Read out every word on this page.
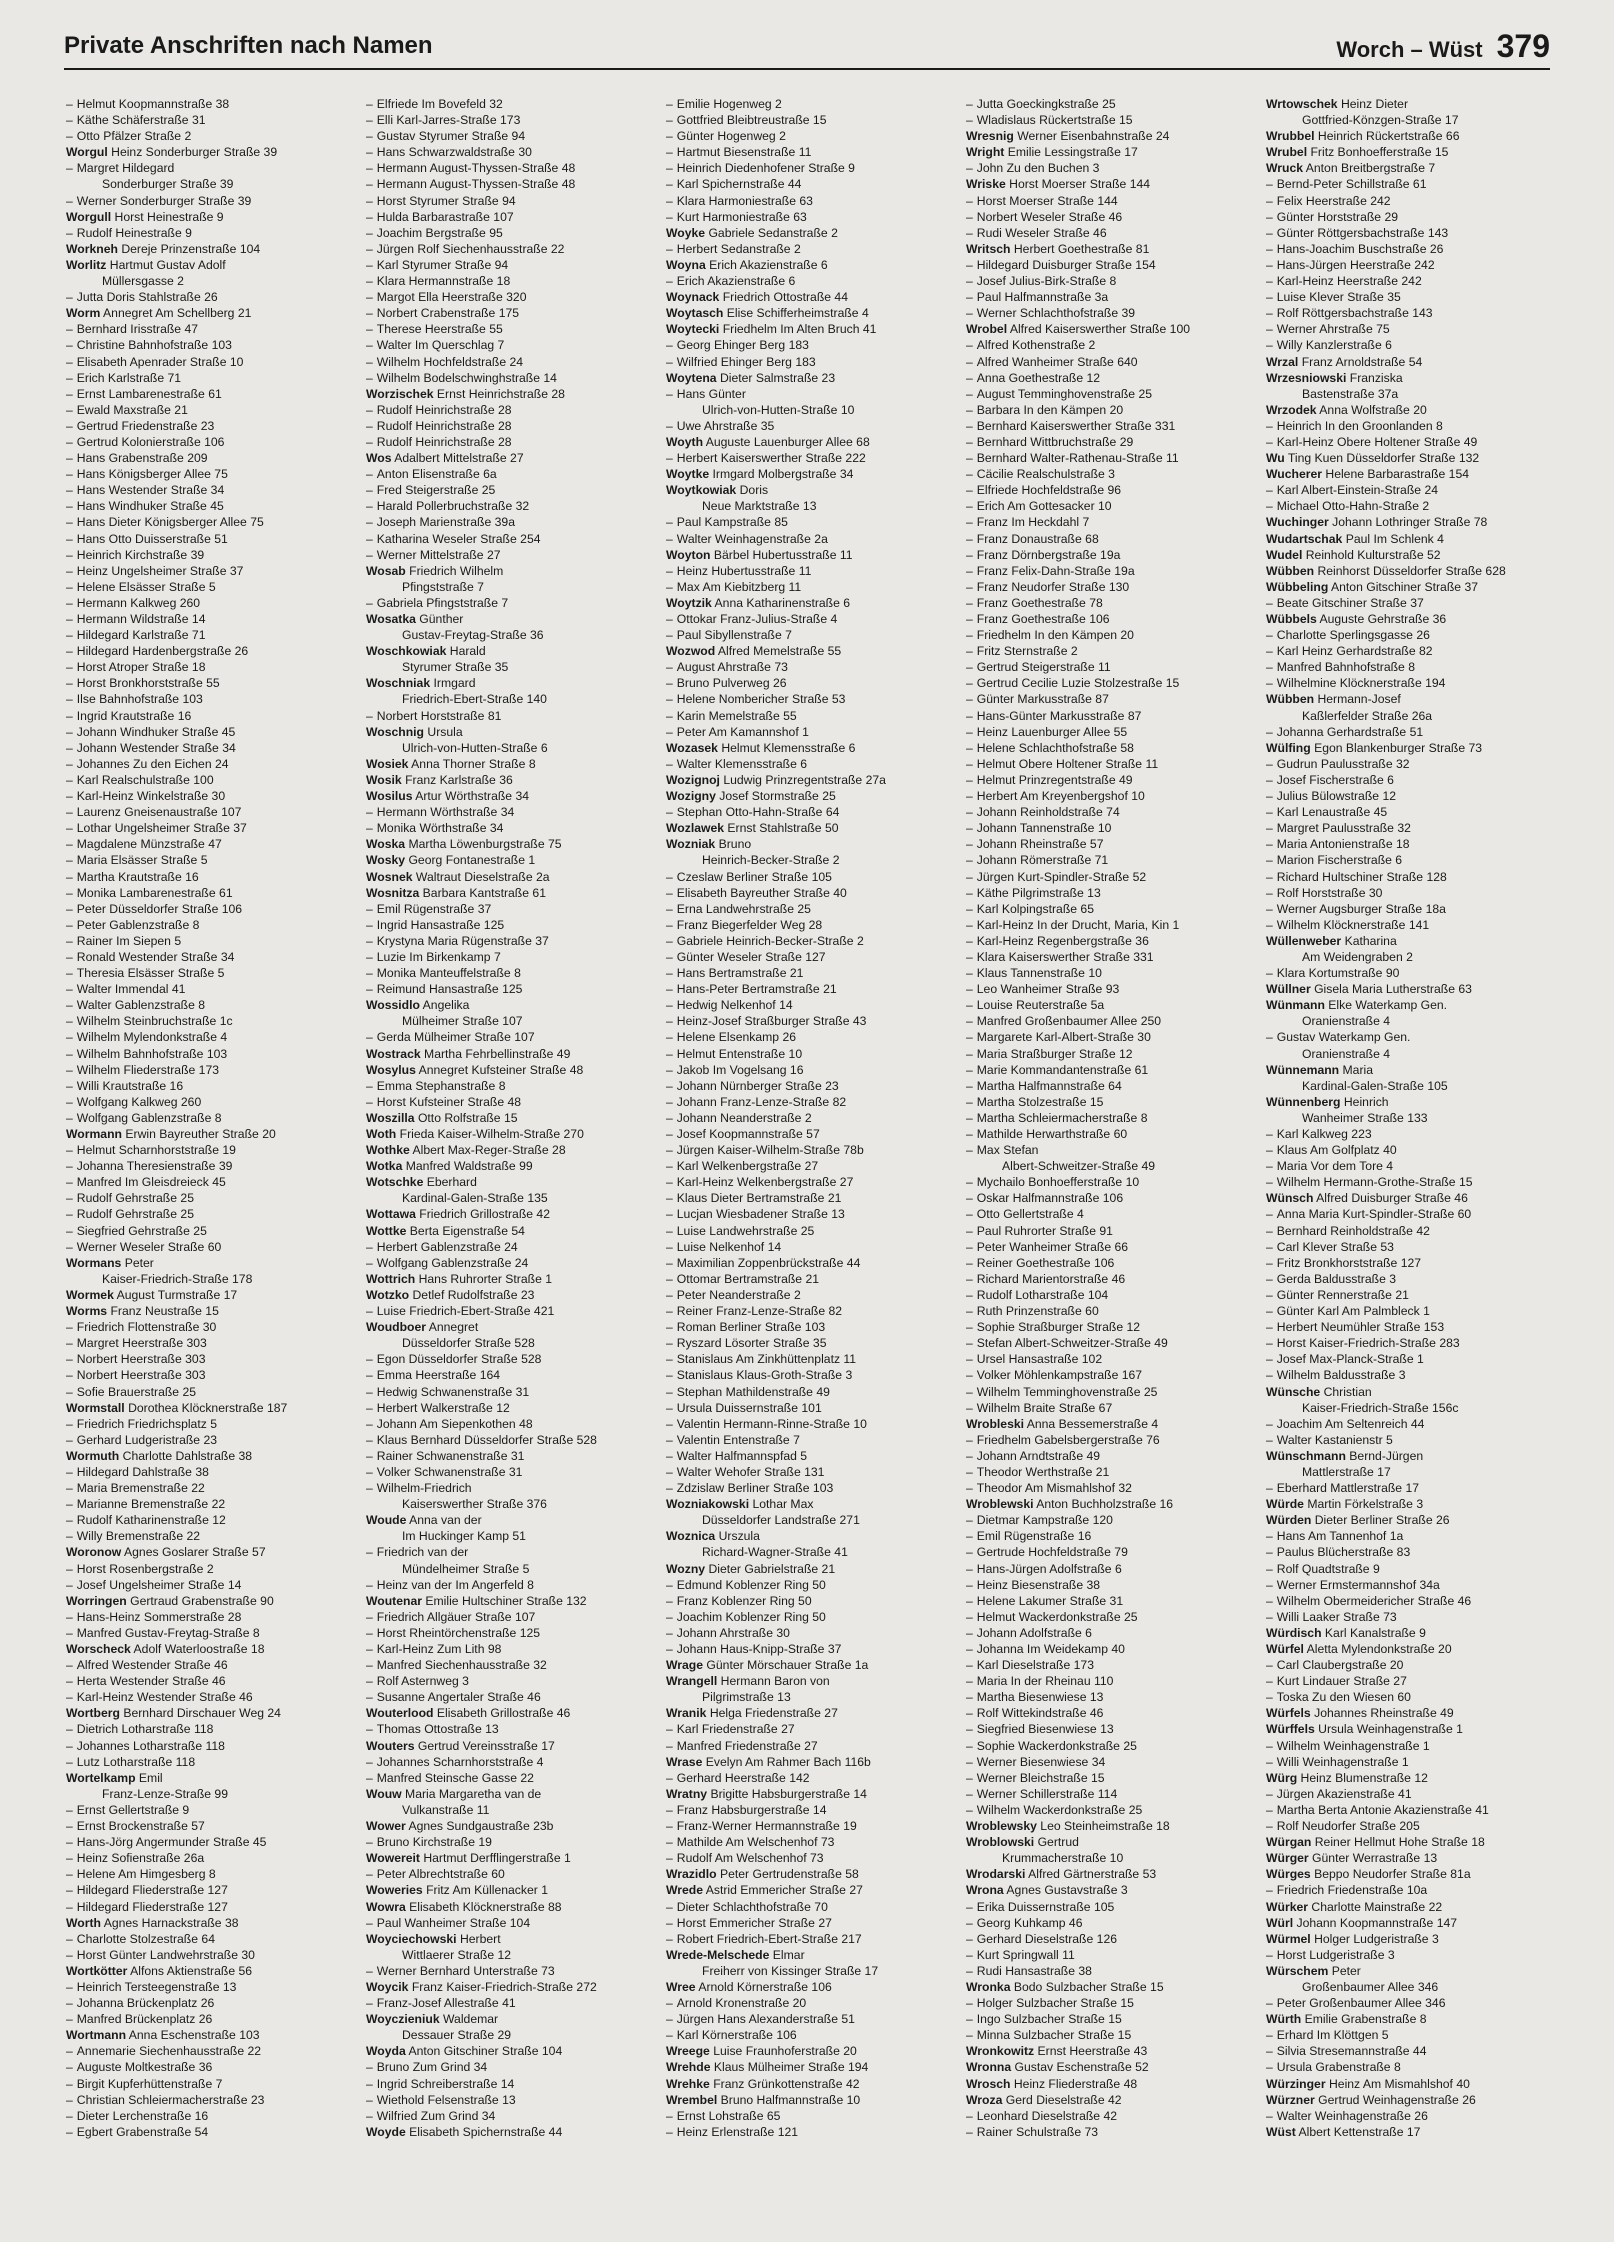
Private Anschriften nach Namen	Worch – Wüst 379
– Helmut Koopmannstraße 38
– Käthe Schäferstraße 31
– Otto Pfälzer Straße 2
Worgul Heinz Sonderburger Straße 39
– Margret Hildegard
Sonderburger Straße 39
– Werner Sonderburger Straße 39
Worgull Horst Heinestraße 9
– Rudolf Heinestraße 9
Workneh Dereje Prinzenstraße 104
Worlitz Hartmut Gustav Adolf
Müllersgasse 2
– Jutta Doris Stahlstraße 26
Worm Annegret Am Schellberg 21
– Bernhard Irisstraße 47
– Christine Bahnhofstraße 103
– Elisabeth Apenrader Straße 10
– Erich Karlstraße 71
– Ernst Lambarenestraße 61
– Ewald Maxstraße 21
– Gertrud Friedenstraße 23
– Gertrud Kolonierstraße 106
– Hans Grabenstraße 209
– Hans Königsberger Allee 75
– Hans Westender Straße 34
– Hans Windhuker Straße 45
– Hans Dieter Königsberger Allee 75
– Hans Otto Duisserstraße 51
– Heinrich Kirchstraße 39
– Heinz Ungelsheimer Straße 37
– Helene Elsässer Straße 5
– Hermann Kalkweg 260
– Hermann Wildstraße 14
– Hildegard Karlstraße 71
– Hildegard Hardenbergstraße 26
– Horst Atroper Straße 18
– Horst Bronkhorststraße 55
– Ilse Bahnhofstraße 103
– Ingrid Krautstraße 16
– Johann Windhuker Straße 45
– Johann Westender Straße 34
– Johannes Zu den Eichen 24
– Karl Realschulstraße 100
– Karl-Heinz Winkelstraße 30
– Laurenz Gneisenaustraße 107
– Lothar Ungelsheimer Straße 37
– Magdalene Münzstraße 47
– Maria Elsässer Straße 5
– Martha Krautstraße 16
– Monika Lambarenestraße 61
– Peter Düsseldorfer Straße 106
– Peter Gablenzstraße 8
– Rainer Im Siepen 5
– Ronald Westender Straße 34
– Theresia Elsässer Straße 5
– Walter Immendal 41
– Walter Gablenzstraße 8
– Wilhelm Steinbruchstraße 1c
– Wilhelm Mylendonkstraße 4
– Wilhelm Bahnhofstraße 103
– Wilhelm Fliederstraße 173
– Willi Krautstraße 16
– Wolfgang Kalkweg 260
– Wolfgang Gablenzstraße 8
Wormann Erwin Bayreuther Straße 20
– Helmut Scharnhorststraße 19
– Johanna Theresienstraße 39
– Manfred Im Gleisdreieck 45
– Rudolf Gehrstraße 25
– Rudolf Gehrstraße 25
– Siegfried Gehrstraße 25
– Werner Weseler Straße 60
Wormans Peter
Kaiser-Friedrich-Straße 178
Wormek August Turmstraße 17
Worms Franz Neustraße 15
– Friedrich Flottenstraße 30
– Margret Heerstraße 303
– Norbert Heerstraße 303
– Norbert Heerstraße 303
– Sofie Brauerstraße 25
Wormstall Dorothea Klöcknerstraße 187
– Friedrich Friedrichsplatz 5
– Gerhard Ludgeristraße 23
Wormuth Charlotte Dahlstraße 38
– Hildegard Dahlstraße 38
– Maria Bremenstraße 22
– Marianne Bremenstraße 22
– Rudolf Katharinenstraße 12
– Willy Bremenstraße 22
Woronow Agnes Goslarer Straße 57
– Horst Rosenbergstraße 2
– Josef Ungelsheimer Straße 14
Worringen Gertraud Grabenstraße 90
– Hans-Heinz Sommerstraße 28
– Manfred Gustav-Freytag-Straße 8
Worscheck Adolf Waterloostraße 18
– Alfred Westender Straße 46
– Herta Westender Straße 46
– Karl-Heinz Westender Straße 46
Wortberg Bernhard Dirschauer Weg 24
– Dietrich Lotharstraße 118
– Johannes Lotharstraße 118
– Lutz Lotharstraße 118
Wortelkamp Emil
Franz-Lenze-Straße 99
– Ernst Gellertstraße 9
– Ernst Brockenstraße 57
– Hans-Jörg Angermunder Straße 45
– Heinz Sofienstraße 26a
– Helene Am Himgesberg 8
– Hildegard Fliederstraße 127
– Hildegard Fliederstraße 127
Worth Agnes Harnackstraße 38
– Charlotte Stolzestraße 64
– Horst Günter Landwehrstraße 30
Wortkötter Alfons Aktienstraße 56
– Heinrich Tersteegenstraße 13
– Johanna Brückenplatz 26
– Manfred Brückenplatz 26
Wortmann Anna Eschenstraße 103
– Annemarie Siechenhausstraße 22
– Auguste Moltkestraße 36
– Birgit Kupferhüttenstraße 7
– Christian Schleiermacherstraße 23
– Dieter Lerchenstraße 16
– Egbert Grabenstraße 54
– Elfriede Im Bovefeld 32
– Elli Karl-Jarres-Straße 173
– Gustav Styrumer Straße 94
– Hans Schwarzwaldstraße 30
– Hermann August-Thyssen-Straße 48
– Hermann August-Thyssen-Straße 48
– Horst Styrumer Straße 94
– Hulda Barbarastraße 107
– Joachim Bergstraße 95
– Jürgen Rolf Siechenhausstraße 22
– Karl Styrumer Straße 94
– Klara Hermannstraße 18
– Margot Ella Heerstraße 320
– Norbert Crabenstraße 175
– Therese Heerstraße 55
– Walter Im Querschlag 7
– Wilhelm Hochfeldstraße 24
– Wilhelm Bodelschwinghstraße 14
Worzischek Ernst Heinrichstraße 28
– Rudolf Heinrichstraße 28
– Rudolf Heinrichstraße 28
– Rudolf Heinrichstraße 28
Wos Adalbert Mittelstraße 27
– Anton Elisenstraße 6a
– Fred Steigerstraße 25
– Harald Pollerbruchstraße 32
– Joseph Marienstraße 39a
– Katharina Weseler Straße 254
– Werner Mittelstraße 27
Wosab Friedrich Wilhelm
Pfingststraße 7
– Gabriela Pfingststraße 7
Wosatka Günther
Gustav-Freytag-Straße 36
Woschkowiak Harald
Styrumer Straße 35
Woschniak Irmgard
Friedrich-Ebert-Straße 140
– Norbert Horststraße 81
Woschnig Ursula
Ulrich-von-Hutten-Straße 6
Wosiek Anna Thorner Straße 8
Wosik Franz Karlstraße 36
Wosilus Artur Wörthstraße 34
– Hermann Wörthstraße 34
– Monika Wörthstraße 34
Woska Martha Löwenburgstraße 75
Wosky Georg Fontanestraße 1
Wosnek Waltraut Dieselstraße 2a
Wosnitza Barbara Kantstraße 61
– Emil Rügenstraße 37
– Ingrid Hansastraße 125
– Krystyna Maria Rügenstraße 37
– Luzie Im Birkenkamp 7
– Monika Manteuffelstraße 8
– Reimund Hansastraße 125
Wossidlo Angelika
Mülheimer Straße 107
– Gerda Mülheimer Straße 107
Wostrack Martha Fehrbellinstraße 49
Wosylus Annegret Kufsteiner Straße 48
– Emma Stephanstraße 8
– Horst Kufsteiner Straße 48
Woszilla Otto Rolfstraße 15
Woth Frieda Kaiser-Wilhelm-Straße 270
Wothke Albert Max-Reger-Straße 28
Wotka Manfred Waldstraße 99
Wotschke Eberhard
Kardinal-Galen-Straße 135
Wottawa Friedrich Grillostraße 42
Wottke Berta Eigenstraße 54
– Herbert Gablenzstraße 24
– Wolfgang Gablenzstraße 24
Wottrich Hans Ruhrorter Straße 1
Wotzko Detlef Rudolfstraße 23
– Luise Friedrich-Ebert-Straße 421
Woudboer Annegret
Düsseldorfer Straße 528
– Egon Düsseldorfer Straße 528
– Emma Heerstraße 164
– Hedwig Schwanenstraße 31
– Herbert Walkerstraße 12
– Johann Am Siepenkothen 48
– Klaus Bernhard Düsseldorfer Straße 528
– Rainer Schwanenstraße 31
– Volker Schwanenstraße 31
– Wilhelm-Friedrich
Kaiserswerther Straße 376
Woude Anna van der
Im Huckinger Kamp 51
– Friedrich van der
Mündelheimer Straße 5
– Heinz van der Im Angerfeld 8
Woutenar Emilie Hultschiner Straße 132
– Friedrich Allgäuer Straße 107
– Horst Rheintörchenstraße 125
– Karl-Heinz Zum Lith 98
– Manfred Siechenhausstraße 32
– Rolf Asternweg 3
– Susanne Angertaler Straße 46
Wouterlood Elisabeth Grillostraße 46
– Thomas Ottostraße 13
Wouters Gertrud Vereinsstraße 17
– Johannes Scharnhorststraße 4
– Manfred Steinsche Gasse 22
Wouw Maria Margaretha van de
Vulkanstraße 11
Wower Agnes Sundgaustraße 23b
– Bruno Kirchstraße 19
Wowereit Hartmut Derfflingerstraße 1
– Peter Albrechtstraße 60
Woweries Fritz Am Küllenacker 1
Wowra Elisabeth Klöcknerstraße 88
– Paul Wanheimer Straße 104
Woyciechowski Herbert
Wittlaerer Straße 12
– Werner Bernhard Unterstraße 73
Woycik Franz Kaiser-Friedrich-Straße 272
– Franz-Josef Allestraße 41
Woyczieniuk Waldemar
Dessauer Straße 29
Woyda Anton Gitschiner Straße 104
– Bruno Zum Grind 34
– Ingrid Schreiberstraße 14
– Wiethold Felsenstraße 13
– Wilfried Zum Grind 34
Woyde Elisabeth Spichernstraße 44
– Emilie Hogenweg 2
– Gottfried Bleibtreustraße 15
– Günter Hogenweg 2
– Hartmut Biesenstraße 11
– Heinrich Diedenhofener Straße 9
– Karl Spichernstraße 44
– Klara Harmoniestraße 63
– Kurt Harmoniestraße 63
Woyke Gabriele Sedanstraße 2
– Herbert Sedanstraße 2
Woyna Erich Akazienstraße 6
– Erich Akazienstraße 6
Woynack Friedrich Ottostraße 44
Woytasch Elise Schifferheimstraße 4
Woytecki Friedhelm Im Alten Bruch 41
– Georg Ehinger Berg 183
– Wilfried Ehinger Berg 183
Woytena Dieter Salmstraße 23
– Hans Günter
Ulrich-von-Hutten-Straße 10
– Uwe Ahrstraße 35
Woyth Auguste Lauenburger Allee 68
– Herbert Kaiserswerther Straße 222
Woytke Irmgard Molbergstraße 34
Woytkowiak Doris
Neue Marktstraße 13
– Paul Kampstraße 85
– Walter Weinhagenstraße 2a
Woyton Bärbel Hubertusstraße 11
– Heinz Hubertusstraße 11
– Max Am Kiebitzberg 11
Woytzik Anna Katharinenstraße 6
– Ottokar Franz-Julius-Straße 4
– Paul Sibyllenstraße 7
Wozwod Alfred Memelstraße 55
– August Ahrstraße 73
– Bruno Pulverweg 26
– Helene Nombericher Straße 53
– Karin Memelstraße 55
– Peter Am Kamannshof 1
Wozasek Helmut Klemensstraße 6
– Walter Klemensstraße 6
Wozignoj Ludwig Prinzregentstraße 27a
Wozigny Josef Stormstraße 25
– Stephan Otto-Hahn-Straße 64
Wozlawek Ernst Stahlstraße 50
Wozniak Bruno
Heinrich-Becker-Straße 2
– Czeslaw Berliner Straße 105
– Elisabeth Bayreuther Straße 40
– Erna Landwehrstraße 25
– Franz Biegerfelder Weg 28
– Gabriele Heinrich-Becker-Straße 2
– Günter Weseler Straße 127
– Hans Bertramstraße 21
– Hans-Peter Bertramstraße 21
– Hedwig Nelkenhof 14
– Heinz-Josef Straßburger Straße 43
– Helene Elsenkamp 26
– Helmut Entenstraße 10
– Jakob Im Vogelsang 16
– Johann Nürnberger Straße 23
– Johann Franz-Lenze-Straße 82
– Johann Neanderstraße 2
– Josef Koopmannstraße 57
– Jürgen Kaiser-Wilhelm-Straße 78b
– Karl Welkenbergstraße 27
– Karl-Heinz Welkenbergstraße 27
– Klaus Dieter Bertramstraße 21
– Lucjan Wiesbadener Straße 13
– Luise Landwehrstraße 25
– Luise Nelkenhof 14
– Maximilian Zoppenbrückstraße 44
– Ottomar Bertramstraße 21
– Peter Neanderstraße 2
– Reiner Franz-Lenze-Straße 82
– Roman Berliner Straße 103
– Ryszard Lösorter Straße 35
– Stanislaus Am Zinkhüttenplatz 11
– Stanislaus Klaus-Groth-Straße 3
– Stephan Mathildenstraße 49
– Ursula Duissernstraße 101
– Valentin Hermann-Rinne-Straße 10
– Valentin Entenstraße 7
– Walter Halfmannspfad 5
– Walter Wehofer Straße 131
– Zdzislaw Berliner Straße 103
Wozniakowski Lothar Max
Düsseldorfer Landstraße 271
Woznica Urszula
Richard-Wagner-Straße 41
Wozny Dieter Gabrielstraße 21
– Edmund Koblenzer Ring 50
– Franz Koblenzer Ring 50
– Joachim Koblenzer Ring 50
– Johann Ahrstraße 30
– Johann Haus-Knipp-Straße 37
Wrage Günter Mörschauer Straße 1a
Wrangell Hermann Baron von
Pilgrimstraße 13
Wranik Helga Friedenstraße 27
– Karl Friedenstraße 27
– Manfred Friedenstraße 27
Wrase Evelyn Am Rahmer Bach 116b
– Gerhard Heerstraße 142
Wratny Brigitte Habsburgerstraße 14
– Franz Habsburgerstraße 14
– Franz-Werner Hermannstraße 19
– Mathilde Am Welschenhof 73
– Rudolf Am Welschenhof 73
Wrazidlo Peter Gertrudenstraße 58
Wrede Astrid Emmericher Straße 27
– Dieter Schlachthofstraße 70
– Horst Emmericher Straße 27
– Robert Friedrich-Ebert-Straße 217
Wrede-Melschede Elmar
Freiherr von Kissinger Straße 17
Wree Arnold Körnerstraße 106
– Arnold Kronenstraße 20
– Jürgen Hans Alexanderstraße 51
– Karl Körnerstraße 106
Wreege Luise Fraunhoferstraße 20
Wrehde Klaus Mülheimer Straße 194
Wrehke Franz Grünkottenstraße 42
Wrembel Bruno Halfmannstraße 10
– Ernst Lohstraße 65
– Heinz Erlenstraße 121
– Jutta Goeckingkstraße 25
– Wladislaus Rückertstraße 15
Wresnig Werner Eisenbahnstraße 24
Wright Emilie Lessingstraße 17
– John Zu den Buchen 3
Wriske Horst Moerser Straße 144
– Horst Moerser Straße 144
– Norbert Weseler Straße 46
– Rudi Weseler Straße 46
Writsch Herbert Goethestraße 81
– Hildegard Duisburger Straße 154
– Josef Julius-Birk-Straße 8
– Paul Halfmannstraße 3a
– Werner Schlachthofstraße 39
Wrobel Alfred Kaiserswerther Straße 100
– Alfred Kothenstraße 2
– Alfred Wanheimer Straße 640
– Anna Goethestraße 12
– August Temminghovenstraße 25
– Barbara In den Kämpen 20
– Bernhard Kaiserswerther Straße 331
– Bernhard Wittbruchstraße 29
– Bernhard Walter-Rathenau-Straße 11
– Cäcilie Realschulstraße 3
– Elfriede Hochfeldstraße 96
– Erich Am Gottesacker 10
– Franz Im Heckdahl 7
– Franz Donaustraße 68
– Franz Dörnbergstraße 19a
– Franz Felix-Dahn-Straße 19a
– Franz Neudorfer Straße 130
– Franz Goethestraße 78
– Franz Goethestraße 106
– Friedhelm In den Kämpen 20
– Fritz Sternstraße 2
– Gertrud Steigerstraße 11
– Gertrud Cecilie Luzie Stolzestraße 15
– Günter Markusstraße 87
– Hans-Günter Markusstraße 87
– Heinz Lauenburger Allee 55
– Helene Schlachthofstraße 58
– Helmut Obere Holtener Straße 11
– Helmut Prinzregentstraße 49
– Herbert Am Kreyenbergshof 10
– Johann Reinholdstraße 74
– Johann Tannenstraße 10
– Johann Rheinstraße 57
– Johann Römerstraße 71
– Jürgen Kurt-Spindler-Straße 52
– Käthe Pilgrimstraße 13
– Karl Kolpingstraße 65
– Karl-Heinz In der Drucht, Maria, Kin 1
– Karl-Heinz Regenbergstraße 36
– Klara Kaiserswerther Straße 331
– Klaus Tannenstraße 10
– Leo Wanheimer Straße 93
– Louise Reuterstraße 5a
– Manfred Großenbaumer Allee 250
– Margarete Karl-Albert-Straße 30
– Maria Straßburger Straße 12
– Marie Kommandantenstraße 61
– Martha Halfmannstraße 64
– Martha Stolzestraße 15
– Martha Schleiermacherstraße 8
– Mathilde Herwarthstraße 60
– Max Stefan
Albert-Schweitzer-Straße 49
– Mychailo Bonhoefferstraße 10
– Oskar Halfmannstraße 106
– Otto Gellertstraße 4
– Paul Ruhrorter Straße 91
– Peter Wanheimer Straße 66
– Reiner Goethestraße 106
– Richard Marientorstraße 46
– Rudolf Lotharstraße 104
– Ruth Prinzenstraße 60
– Sophie Straßburger Straße 12
– Stefan Albert-Schweitzer-Straße 49
– Ursel Hansastraße 102
– Volker Möhlenkampstraße 167
– Wilhelm Temminghovenstraße 25
– Wilhelm Braite Straße 67
Wrobleski Anna Bessemerstraße 4
– Friedhelm Gabelsbergerstraße 76
– Johann Arndtstraße 49
– Theodor Werthstraße 21
– Theodor Am Mismahlshof 32
Wroblewski Anton Buchholzstraße 16
– Dietmar Kampstraße 120
– Emil Rügenstraße 16
– Gertrude Hochfeldstraße 79
– Hans-Jürgen Adolfstraße 6
– Heinz Biesenstraße 38
– Helene Lakumer Straße 31
– Helmut Wackerdonkstraße 25
– Johann Adolfstraße 6
– Johanna Im Weidekamp 40
– Karl Dieselstraße 173
– Maria In der Rheinau 110
– Martha Biesenwiese 13
– Rolf Wittekindstraße 46
– Siegfried Biesenwiese 13
– Sophie Wackerdonkstraße 25
– Werner Biesenwiese 34
– Werner Bleichstraße 15
– Werner Schillerstraße 114
– Wilhelm Wackerdonkstraße 25
Wroblewsky Leo Steinheimstraße 18
Wroblowski Gertrud
Krummacherstraße 10
Wrodarski Alfred Gärtnerstraße 53
Wrona Agnes Gustavstraße 3
– Erika Duissernstraße 105
– Georg Kuhkamp 46
– Gerhard Dieselstraße 126
– Kurt Springwall 11
– Rudi Hansastraße 38
Wronka Bodo Sulzbacher Straße 15
– Holger Sulzbacher Straße 15
– Ingo Sulzbacher Straße 15
– Minna Sulzbacher Straße 15
Wronkowitz Ernst Heerstraße 43
Wronna Gustav Eschenstraße 52
Wrosch Heinz Fliederstraße 48
Wroza Gerd Dieselstraße 42
– Leonhard Dieselstraße 42
– Rainer Schulstraße 73
Wrtowschek Heinz Dieter
Gottfried-Könzgen-Straße 17
Wrubbel Heinrich Rückertstraße 66
Wrubel Fritz Bonhoefferstraße 15
Wruck Anton Breitbergstraße 7
– Bernd-Peter Schillstraße 61
– Felix Heerstraße 242
– Günter Horststraße 29
– Günter Röttgersbachstraße 143
– Hans-Joachim Buschstraße 26
– Hans-Jürgen Heerstraße 242
– Karl-Heinz Heerstraße 242
– Luise Klever Straße 35
– Rolf Röttgersbachstraße 143
– Werner Ahrstraße 75
– Willy Kanzlerstraße 6
Wrzal Franz Arnoldstraße 54
Wrzesniowski Franziska
Bastenstraße 37a
Wrzodek Anna Wolfstraße 20
– Heinrich In den Groonlanden 8
– Karl-Heinz Obere Holtener Straße 49
Wu Ting Kuen Düsseldorfer Straße 132
Wucherer Helene Barbarastraße 154
– Karl Albert-Einstein-Straße 24
– Michael Otto-Hahn-Straße 2
Wuchinger Johann Lothringer Straße 78
Wudartschak Paul Im Schlenk 4
Wudel Reinhold Kulturstraße 52
Wübben Reinhorst Düsseldorfer Straße 628
Wübbeling Anton Gitschiner Straße 37
– Beate Gitschiner Straße 37
Wübbels Auguste Gehrstraße 36
– Charlotte Sperlingsgasse 26
– Karl Heinz Gerhardstraße 82
– Manfred Bahnhofstraße 8
– Wilhelmine Klöcknerstraße 194
Wübben Hermann-Josef
Kaßlerfelder Straße 26a
– Johanna Gerhardstraße 51
Wülfing Egon Blankenburger Straße 73
– Gudrun Paulusstraße 32
– Josef Fischerstraße 6
– Julius Bülowstraße 12
– Karl Lenaustraße 45
– Margret Paulusstraße 32
– Maria Antonienstraße 18
– Marion Fischerstraße 6
– Richard Hultschiner Straße 128
– Rolf Horststraße 30
– Werner Augsburger Straße 18a
– Wilhelm Klöcknerstraße 141
Wüllenweber Katharina
Am Weidengraben 2
– Klara Kortumstraße 90
Wüllner Gisela Maria Lutherstraße 63
Wünmann Elke Waterkamp Gen.
Oranienstraße 4
– Gustav Waterkamp Gen.
Oranienstraße 4
Wünnemann Maria
Kardinal-Galen-Straße 105
Wünnenberg Heinrich
Wanheimer Straße 133
– Karl Kalkweg 223
– Klaus Am Golfplatz 40
– Maria Vor dem Tore 4
– Wilhelm Hermann-Grothe-Straße 15
Wünsch Alfred Duisburger Straße 46
– Anna Maria Kurt-Spindler-Straße 60
– Bernhard Reinholdstraße 42
– Carl Klever Straße 53
– Fritz Bronkhorststraße 127
– Gerda Baldusstraße 3
– Günter Rennerstraße 21
– Günter Karl Am Palmbleck 1
– Herbert Neumühler Straße 153
– Horst Kaiser-Friedrich-Straße 283
– Josef Max-Planck-Straße 1
– Wilhelm Baldusstraße 3
Wünsche Christian
Kaiser-Friedrich-Straße 156c
– Joachim Am Seltenreich 44
– Walter Kastanienstr 5
Wünschmann Bernd-Jürgen
Mattlerstraße 17
– Eberhard Mattlerstraße 17
Würde Martin Förkelstraße 3
Würden Dieter Berliner Straße 26
– Hans Am Tannenhof 1a
– Paulus Blücherstraße 83
– Rolf Quadtstraße 9
– Werner Ermstermannshof 34a
– Wilhelm Obermeidericher Straße 46
– Willi Laaker Straße 73
Würdisch Karl Kanalstraße 9
Würfel Aletta Mylendonkstraße 20
– Carl Claubergstraße 20
– Kurt Lindauer Straße 27
– Toska Zu den Wiesen 60
Würfels Johannes Rheinstraße 49
Würffels Ursula Weinhagenstraße 1
– Wilhelm Weinhagenstraße 1
– Willi Weinhagenstraße 1
Würg Heinz Blumenstraße 12
– Jürgen Akazienstraße 41
– Martha Berta Antonie Akazienstraße 41
– Rolf Neudorfer Straße 205
Würgan Reiner Hellmut Hohe Straße 18
Würger Günter Werrastraße 13
Würges Beppo Neudorfer Straße 81a
– Friedrich Friedenstraße 10a
Würker Charlotte Mainstraße 22
Würl Johann Koopmannstraße 147
Würmel Holger Ludgeristraße 3
– Horst Ludgeristraße 3
Würschem Peter
Großenbaumer Allee 346
– Peter Großenbaumer Allee 346
Würth Emilie Grabenstraße 8
– Erhard Im Klöttgen 5
– Silvia Stresemannstraße 44
– Ursula Grabenstraße 8
Würzinger Heinz Am Mismahlshof 40
Würzner Gertrud Weinhagenstraße 26
– Walter Weinhagenstraße 26
Wüst Albert Kettenstraße 17
